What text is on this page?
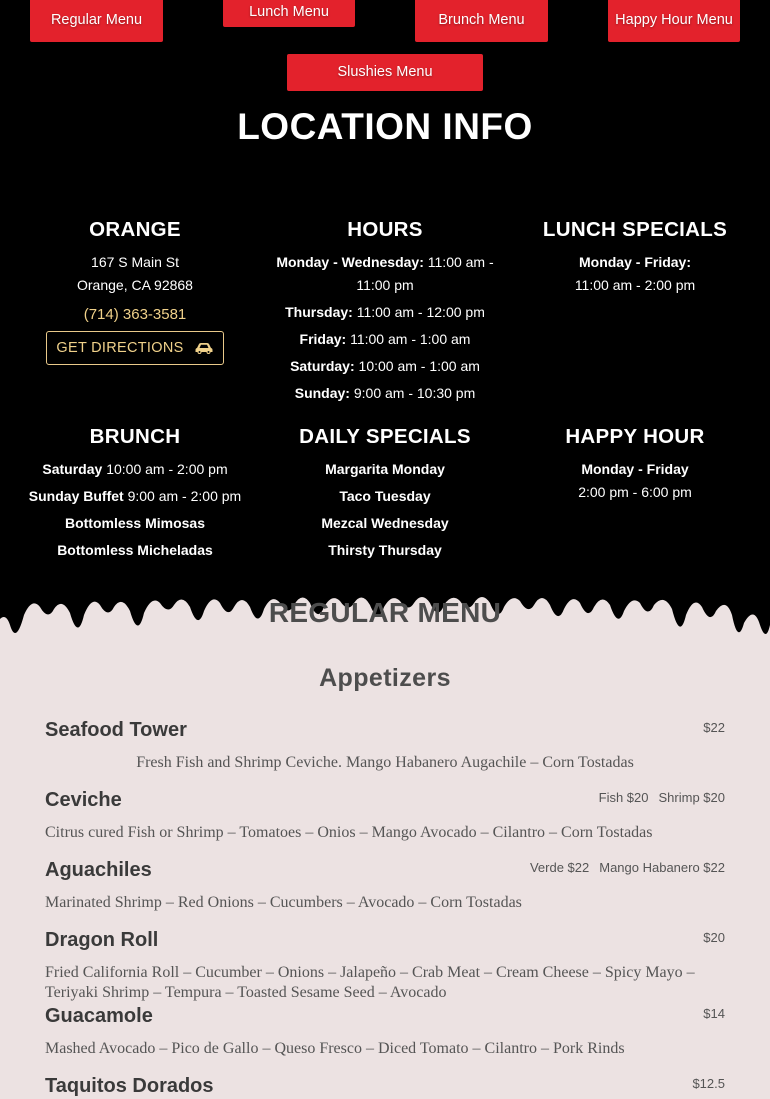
Regular Menu	Lunch Menu	Brunch Menu	Happy Hour Menu
Slushies Menu
LOCATION INFO
ORANGE
167 S Main St
Orange, CA 92868
(714) 363-3581
GET DIRECTIONS
HOURS
Monday - Wednesday: 11:00 am - 11:00 pm
Thursday: 11:00 am - 12:00 pm
Friday: 11:00 am - 1:00 am
Saturday: 10:00 am - 1:00 am
Sunday: 9:00 am - 10:30 pm
LUNCH SPECIALS
Monday - Friday:
11:00 am - 2:00 pm
BRUNCH
Saturday 10:00 am - 2:00 pm
Sunday Buffet 9:00 am - 2:00 pm
Bottomless Mimosas
Bottomless Micheladas
DAILY SPECIALS
Margarita Monday
Taco Tuesday
Mezcal Wednesday
Thirsty Thursday
HAPPY HOUR
Monday - Friday
2:00 pm - 6:00 pm
REGULAR MENU
Appetizers
Seafood Tower	$22
Fresh Fish and Shrimp Ceviche. Mango Habanero Augachile – Corn Tostadas
Ceviche	Fish $20 Shrimp $20
Citrus cured Fish or Shrimp – Tomatoes – Onios – Mango Avocado – Cilantro – Corn Tostadas
Aguachiles	Verde $22 Mango Habanero $22
Marinated Shrimp – Red Onions – Cucumbers – Avocado – Corn Tostadas
Dragon Roll	$20
Fried California Roll – Cucumber – Onions – Jalapeño – Crab Meat – Cream Cheese – Spicy Mayo – Teriyaki Shrimp – Tempura – Toasted Sesame Seed – Avocado
Guacamole	$14
Mashed Avocado – Pico de Gallo – Queso Fresco – Diced Tomato – Cilantro – Pork Rinds
Taquitos Dorados	$12.5
